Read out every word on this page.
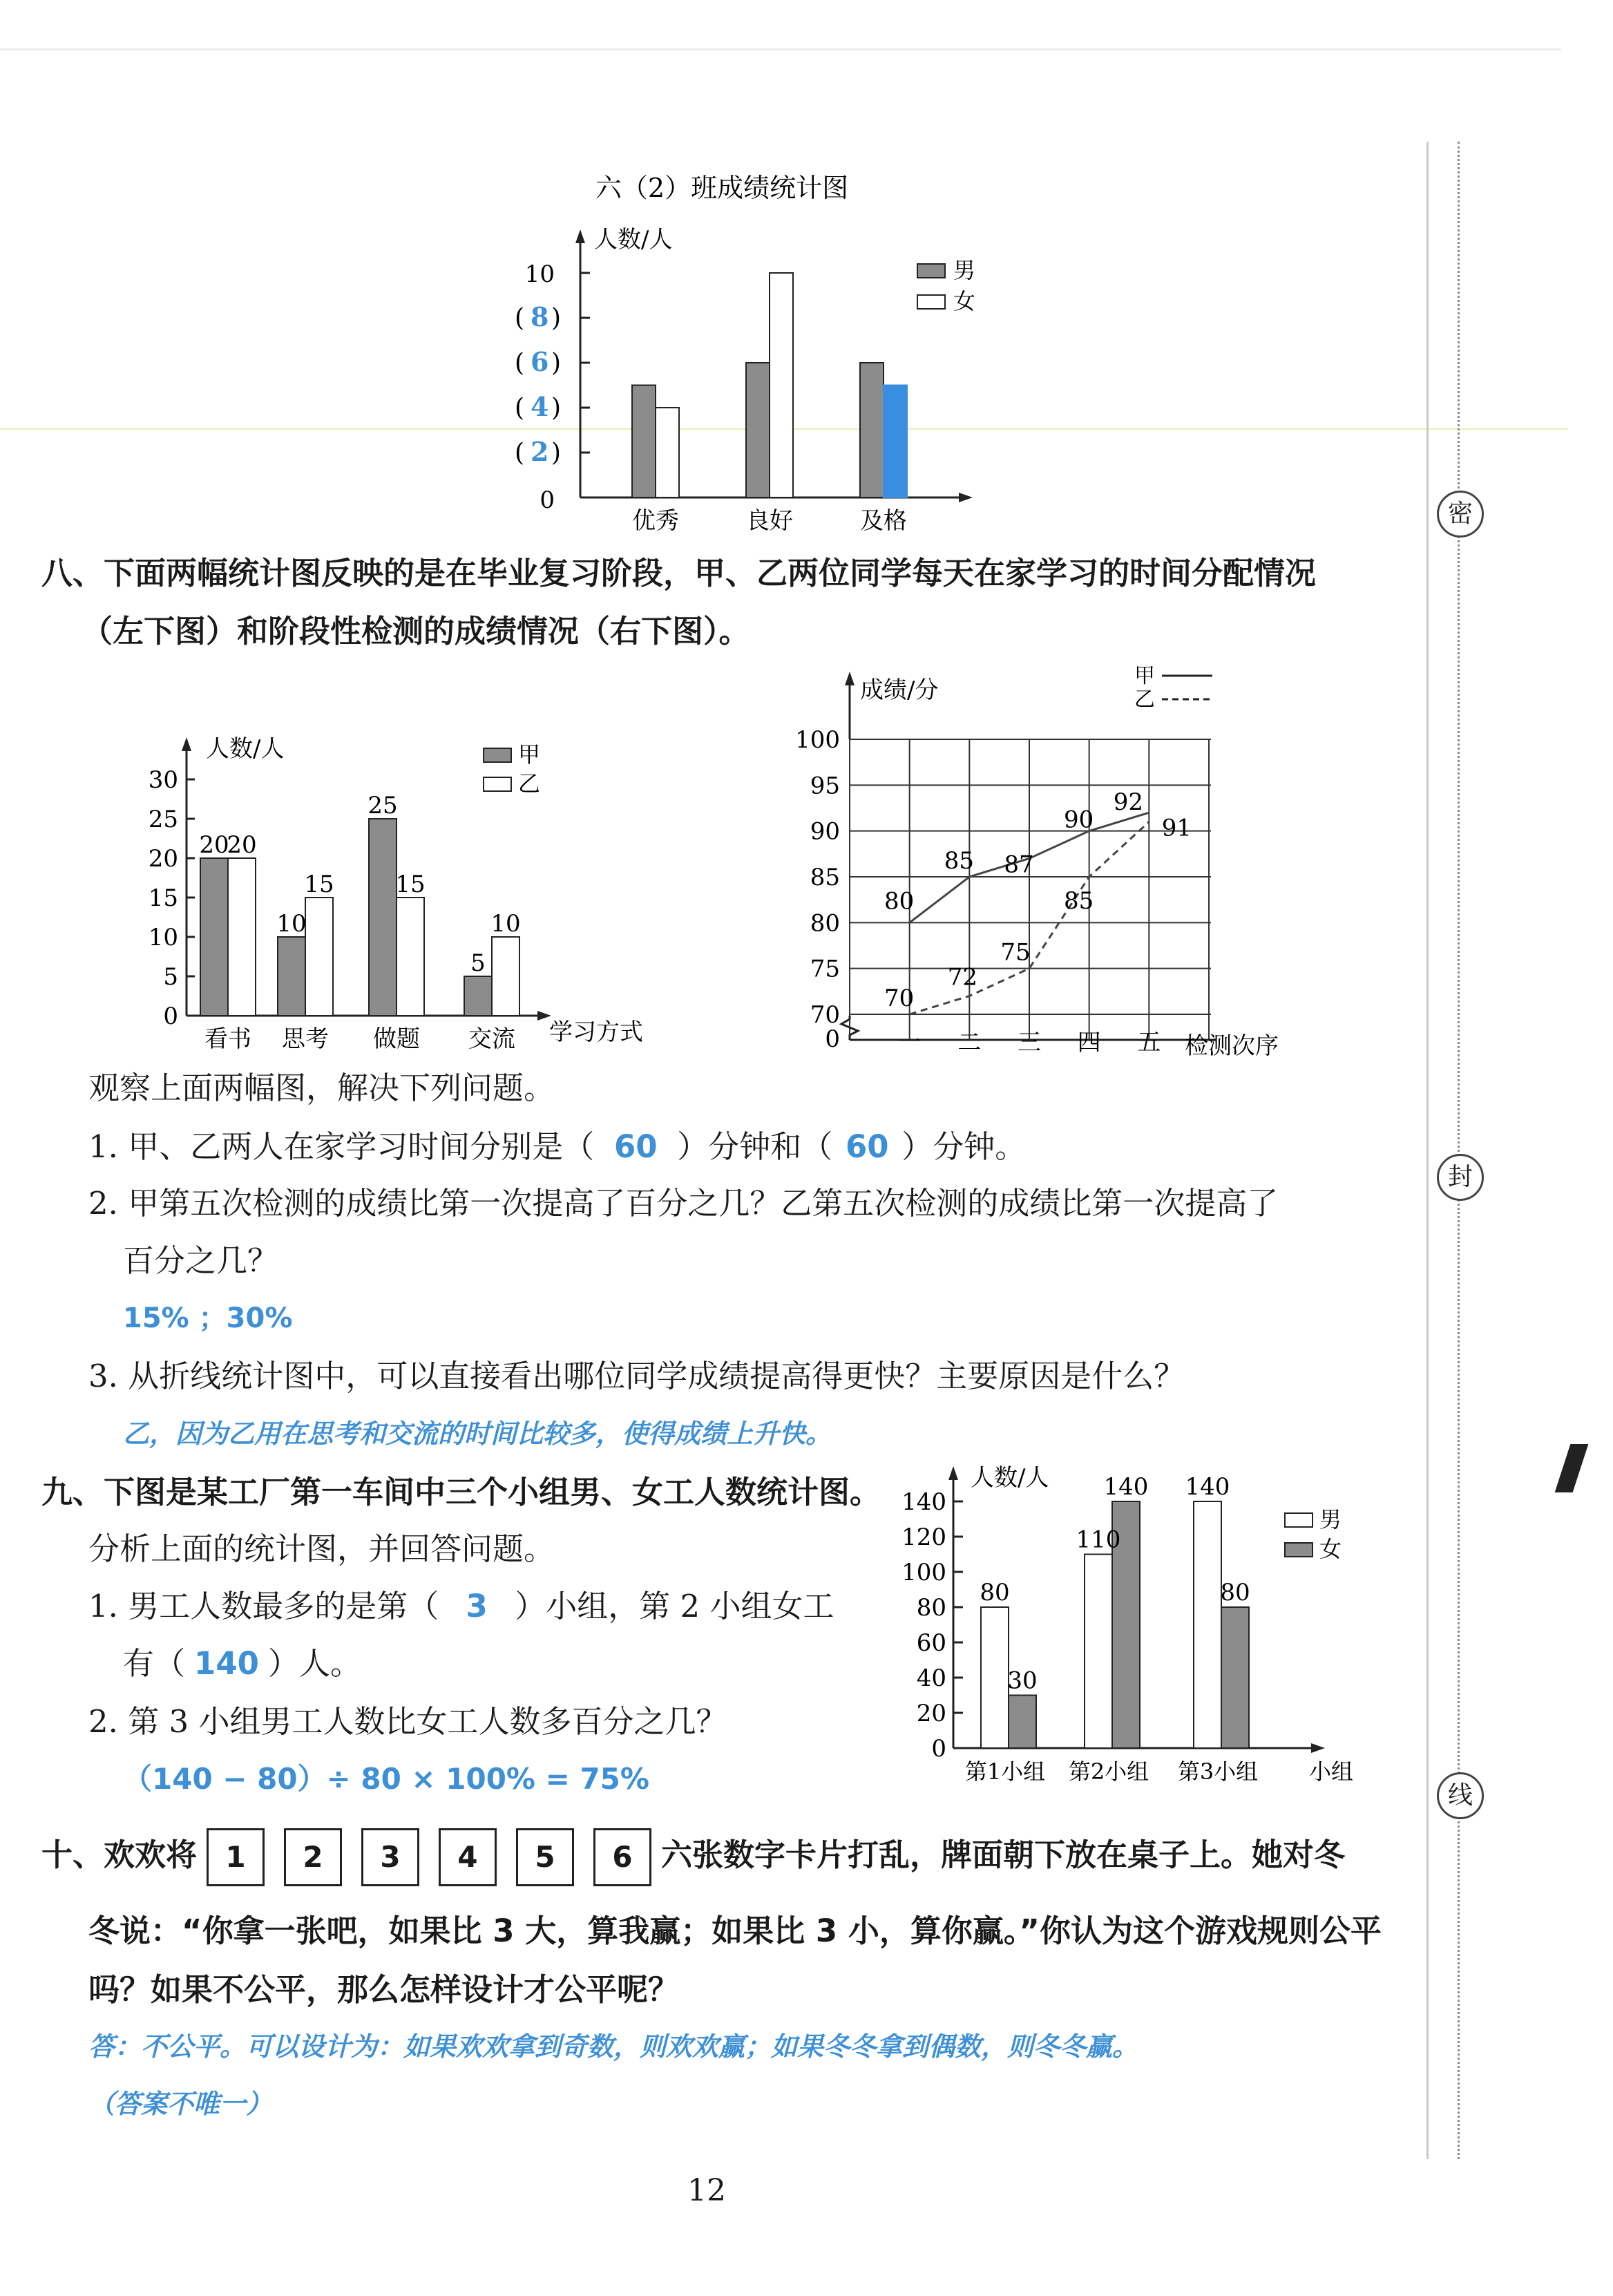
密
封
线
六（2）班成绩统计图
人数/人
10
0
( 8 )
( 6 )
( 4 )
( 2 )
优秀	良好	及格
男
女
八、下面两幅统计图反映的是在毕业复习阶段，甲、乙两位同学每天在家学习的时间分配情况
（左下图）和阶段性检测的成绩情况（右下图）。
人数/人
学习方式
0
5
10
15
20
25
30
20
20
10
15
25
15
5
10
看书 思考 做题 交流
甲
乙
成绩/分
0
70
75
80
85
90
95
100
一 二 三 四 五 检测次序
80
85 87
90
92
70
72
75
85
91
甲
乙
观察上面两幅图，解决下列问题。
1. 甲、乙两人在家学习时间分别是（ 60 ）分钟和（ 60 ）分钟。
2. 甲第五次检测的成绩比第一次提高了百分之几？乙第五次检测的成绩比第一次提高了
百分之几？
15% ；30%
3. 从折线统计图中，可以直接看出哪位同学成绩提高得更快？主要原因是什么？
乙，因为乙用在思考和交流的时间比较多，使得成绩上升快。
九、下图是某工厂第一车间中三个小组男、女工人数统计图。
分析上面的统计图，并回答问题。
1. 男工人数最多的是第（ 3 ）小组，第 2 小组女工
有（ 140 ）人。
2. 第 3 小组男工人数比女工人数多百分之几？
（140 − 80）÷ 80 × 100% = 75%
人数/人
小组
0
20
40
60
80
100
120
140
80
30
110
140 140
80
第1小组 第2小组 第3小组
男
女
十、欢欢将 1 2 3 4 5 6 六张数字卡片打乱，牌面朝下放在桌子上。她对冬
冬说：“你拿一张吧，如果比 3 大，算我赢；如果比 3 小，算你赢。”你认为这个游戏规则公平
吗？如果不公平，那么怎样设计才公平呢？
答：不公平。可以设计为：如果欢欢拿到奇数，则欢欢赢；如果冬冬拿到偶数，则冬冬赢。
（答案不唯一）
12
